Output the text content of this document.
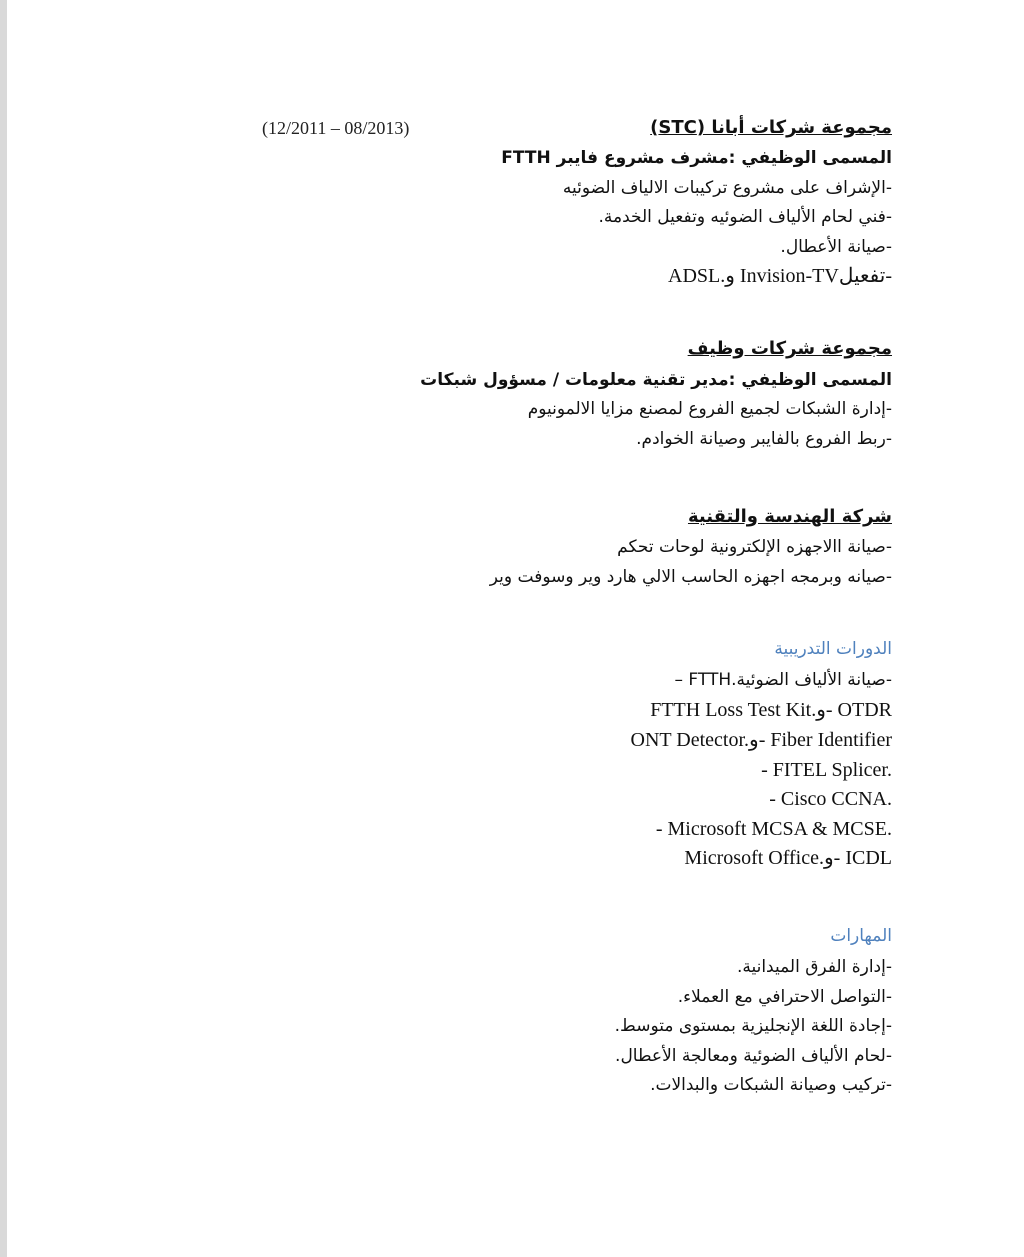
مجموعة شركات أبانا (STC)
(12/2011 – 08/2013)
المسمى الوظيفي :مشرف مشروع فايبر FTTH
-الإشراف على مشروع تركيبات الالياف الضوئيه
-فني لحام الألياف الضوئيه وتفعيل الخدمة.
-صيانة الأعطال.
ADSL.و Invision-TVتفعيل-
مجموعة شركات وظيف
المسمى الوظيفي :مدير تقنية معلومات / مسؤول شبكات
-إدارة الشبكات لجميع الفروع لمصنع مزايا الالمونيوم
-ربط الفروع بالفايبر وصيانة الخوادم.
شركة الهندسة والتقنية
-صيانة االاجهزه الإلكترونية لوحات تحكم
-صيانه وبرمجه اجهزه الحاسب الالي هارد وير وسوفت وير
الدورات التدريبية
-صيانة الألياف الضوئية.FTTH –
FTTH Loss Test Kit.و- OTDR
ONT Detector.و- Fiber Identifier
- FITEL Splicer.
- Cisco CCNA.
- Microsoft MCSA & MCSE.
Microsoft Office.و- ICDL
المهارات
-إدارة الفرق الميدانية.
-التواصل الاحترافي مع العملاء.
-إجادة اللغة الإنجليزية بمستوى متوسط.
-لحام الألياف الضوئية ومعالجة الأعطال.
-تركيب وصيانة الشبكات والبدالات.
